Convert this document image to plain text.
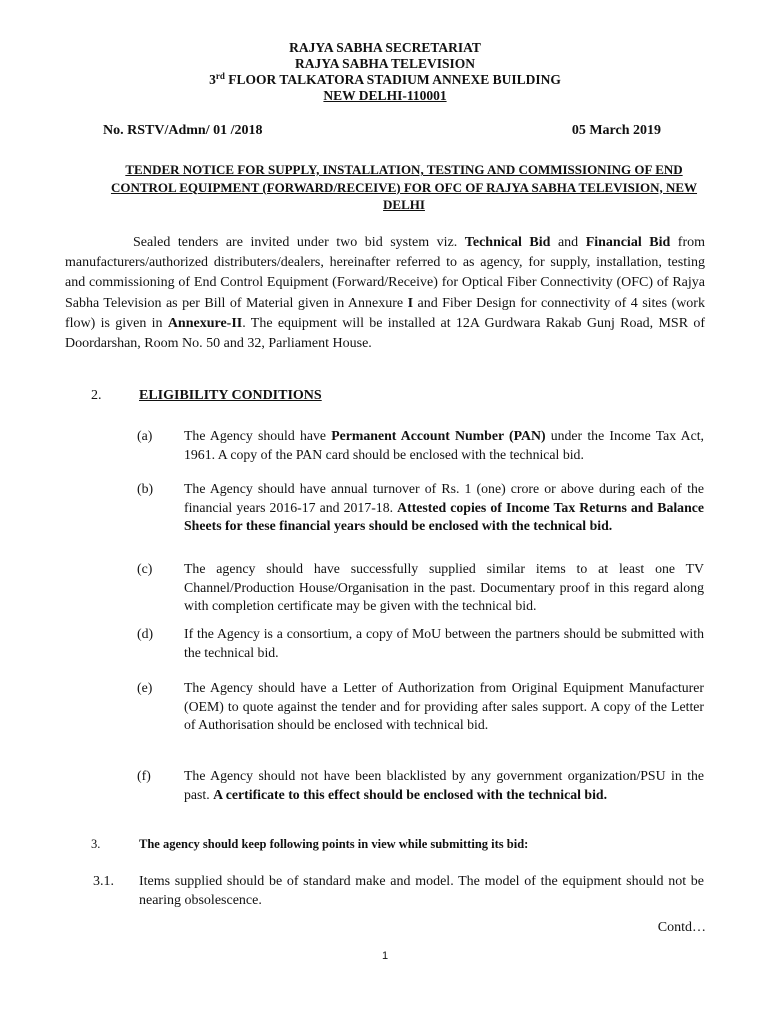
RAJYA SABHA SECRETARIAT
RAJYA SABHA TELEVISION
3rd FLOOR TALKATORA STADIUM ANNEXE BUILDING
NEW DELHI-110001
No. RSTV/Admn/ 01 /2018	05 March 2019
TENDER NOTICE FOR SUPPLY, INSTALLATION, TESTING AND COMMISSIONING OF END CONTROL EQUIPMENT (FORWARD/RECEIVE) FOR OFC OF RAJYA SABHA TELEVISION, NEW DELHI
Sealed tenders are invited under two bid system viz. Technical Bid and Financial Bid from manufacturers/authorized distributers/dealers, hereinafter referred to as agency, for supply, installation, testing and commissioning of End Control Equipment (Forward/Receive) for Optical Fiber Connectivity (OFC) of Rajya Sabha Television as per Bill of Material given in Annexure I and Fiber Design for connectivity of 4 sites (work flow) is given in Annexure-II. The equipment will be installed at 12A Gurdwara Rakab Gunj Road, MSR of Doordarshan, Room No. 50 and 32, Parliament House.
2.	ELIGIBILITY CONDITIONS
(a) The Agency should have Permanent Account Number (PAN) under the Income Tax Act, 1961. A copy of the PAN card should be enclosed with the technical bid.
(b) The Agency should have annual turnover of Rs. 1 (one) crore or above during each of the financial years 2016-17 and 2017-18. Attested copies of Income Tax Returns and Balance Sheets for these financial years should be enclosed with the technical bid.
(c) The agency should have successfully supplied similar items to at least one TV Channel/Production House/Organisation in the past. Documentary proof in this regard along with completion certificate may be given with the technical bid.
(d) If the Agency is a consortium, a copy of MoU between the partners should be submitted with the technical bid.
(e) The Agency should have a Letter of Authorization from Original Equipment Manufacturer (OEM) to quote against the tender and for providing after sales support. A copy of the Letter of Authorisation should be enclosed with technical bid.
(f) The Agency should not have been blacklisted by any government organization/PSU in the past. A certificate to this effect should be enclosed with the technical bid.
3.	The agency should keep following points in view while submitting its bid:
3.1. Items supplied should be of standard make and model. The model of the equipment should not be nearing obsolescence.
Contd…
1
